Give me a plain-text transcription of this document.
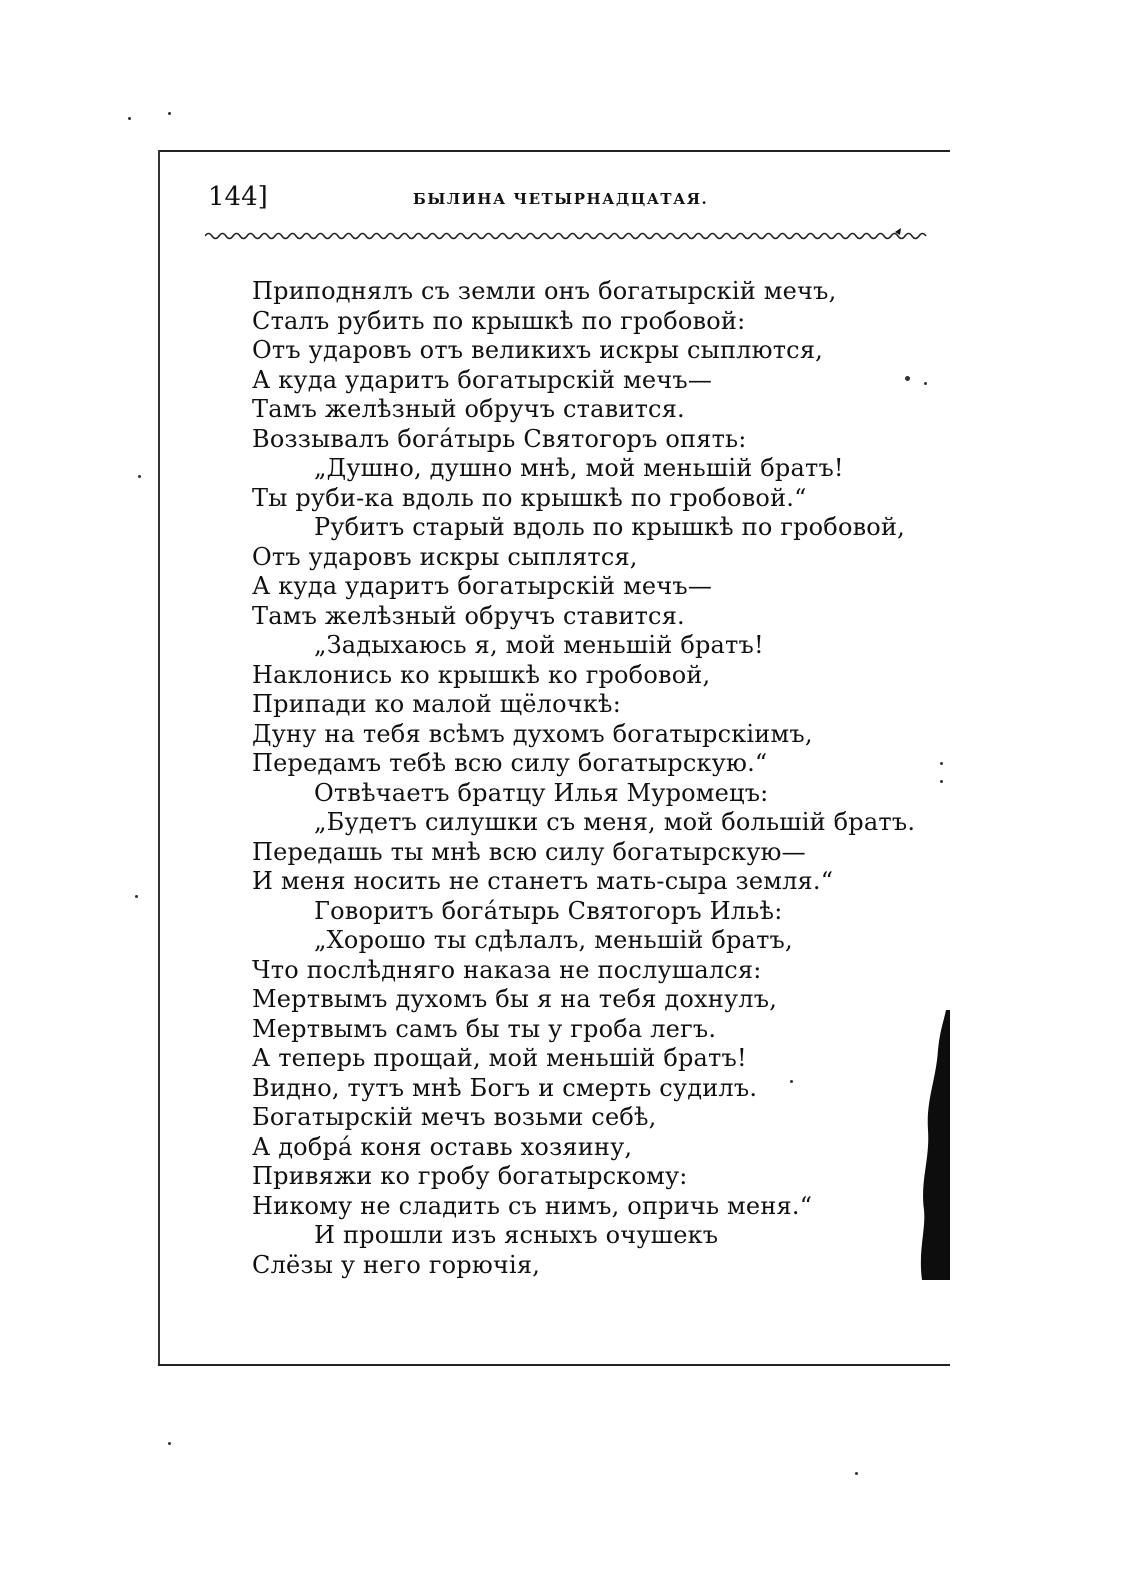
144]	БЫЛИНА ЧЕТЫРНАДЦАТАЯ.
Приподнялъ съ земли онъ богатырскій мечъ,
Сталъ рубить по крышкѣ по гробовой:
Отъ ударовъ отъ великихъ искры сыплются,
А куда ударитъ богатырскій мечъ—
Тамъ желѣзный обручъ ставится.
Воззывалъ богáтырь Святогоръ опять:
„Душно, душно мнѣ, мой меньшій братъ!
Ты руби-ка вдоль по крышкѣ по гробовой.“
Рубитъ старый вдоль по крышкѣ по гробовой,
Отъ ударовъ искры сыплятся,
А куда ударитъ богатырскій мечъ—
Тамъ желѣзный обручъ ставится.
„Задыхаюсь я, мой меньшій братъ!
Наклонись ко крышкѣ ко гробовой,
Припади ко малой щёлочкѣ:
Дуну на тебя всѣмъ духомъ богатырскіимъ,
Передамъ тебѣ всю силу богатырскую.“
Отвѣчаетъ братцу Илья Муромецъ:
„Будетъ силушки съ меня, мой большій братъ.
Передашь ты мнѣ всю силу богатырскую—
И меня носить не станетъ мать-сыра земля.“
Говоритъ богáтырь Святогоръ Ильѣ:
„Хорошо ты сдѣлалъ, меньшій братъ,
Что послѣдняго наказа не послушался:
Мертвымъ духомъ бы я на тебя дохнулъ,
Мертвымъ самъ бы ты у гроба легъ.
А теперь прощай, мой меньшій братъ!
Видно, тутъ мнѣ Богъ и смерть судилъ.
Богатырскій мечъ возьми себѣ,
А добрá коня оставь хозяину,
Привяжи ко гробу богатырскому:
Никому не сладить съ нимъ, опричь меня.“
И прошли изъ ясныхъ очушекъ
Слёзы у него горючія,
